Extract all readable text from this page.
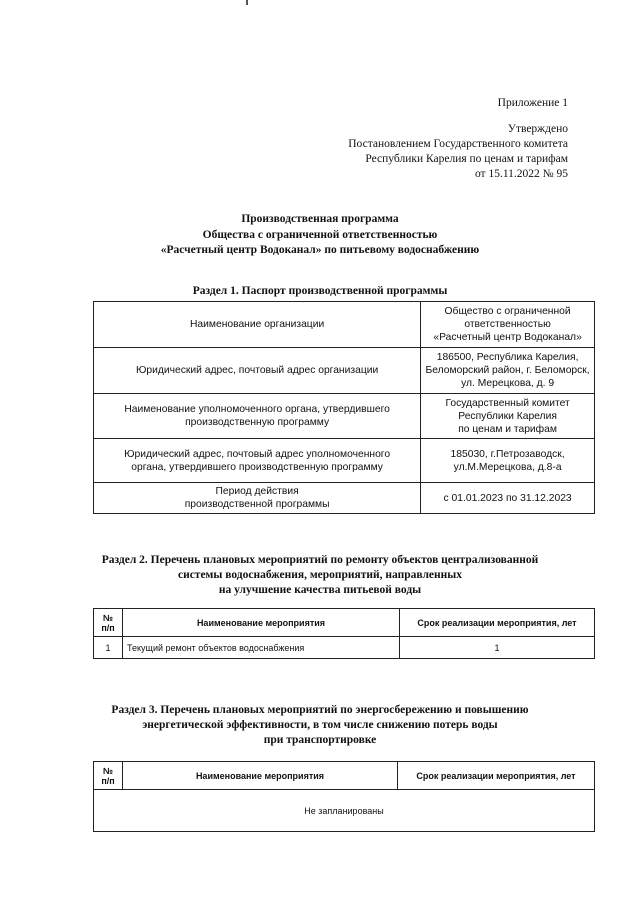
Приложение 1
Утверждено
Постановлением Государственного комитета
Республики Карелия по ценам и тарифам
от 15.11.2022 № 95
Производственная программа
Общества с ограниченной ответственностью
«Расчетный центр Водоканал» по питьевому водоснабжению
Раздел 1. Паспорт производственной программы
Наименование организации	Общество с ограниченной
ответственностью
«Расчетный центр Водоканал»

Юридический адрес, почтовый адрес организации	186500, Республика Карелия,
Беломорский район, г. Беломорск,
ул. Мерецкова, д. 9

Наименование уполномоченного органа, утвердившего
производственную программу	Государственный комитет
Республики Карелия
по ценам и тарифам

Юридический адрес, почтовый адрес уполномоченного
органа, утвердившего производственную программу	185030, г.Петрозаводск,
ул.М.Мерецкова, д.8-а

Период действия
производственной программы	с 01.01.2023 по 31.12.2023
Раздел 2. Перечень плановых мероприятий по ремонту объектов централизованной
системы водоснабжения, мероприятий, направленных
на улучшение качества питьевой воды
№ п/п	Наименование мероприятия	Срок реализации мероприятия, лет
1	Текущий ремонт объектов водоснабжения	1
Раздел 3. Перечень плановых мероприятий по энергосбережению и повышению
энергетической эффективности, в том числе снижению потерь воды
при транспортировке
№ п/п	Наименование мероприятия	Срок реализации мероприятия, лет
Не запланированы
